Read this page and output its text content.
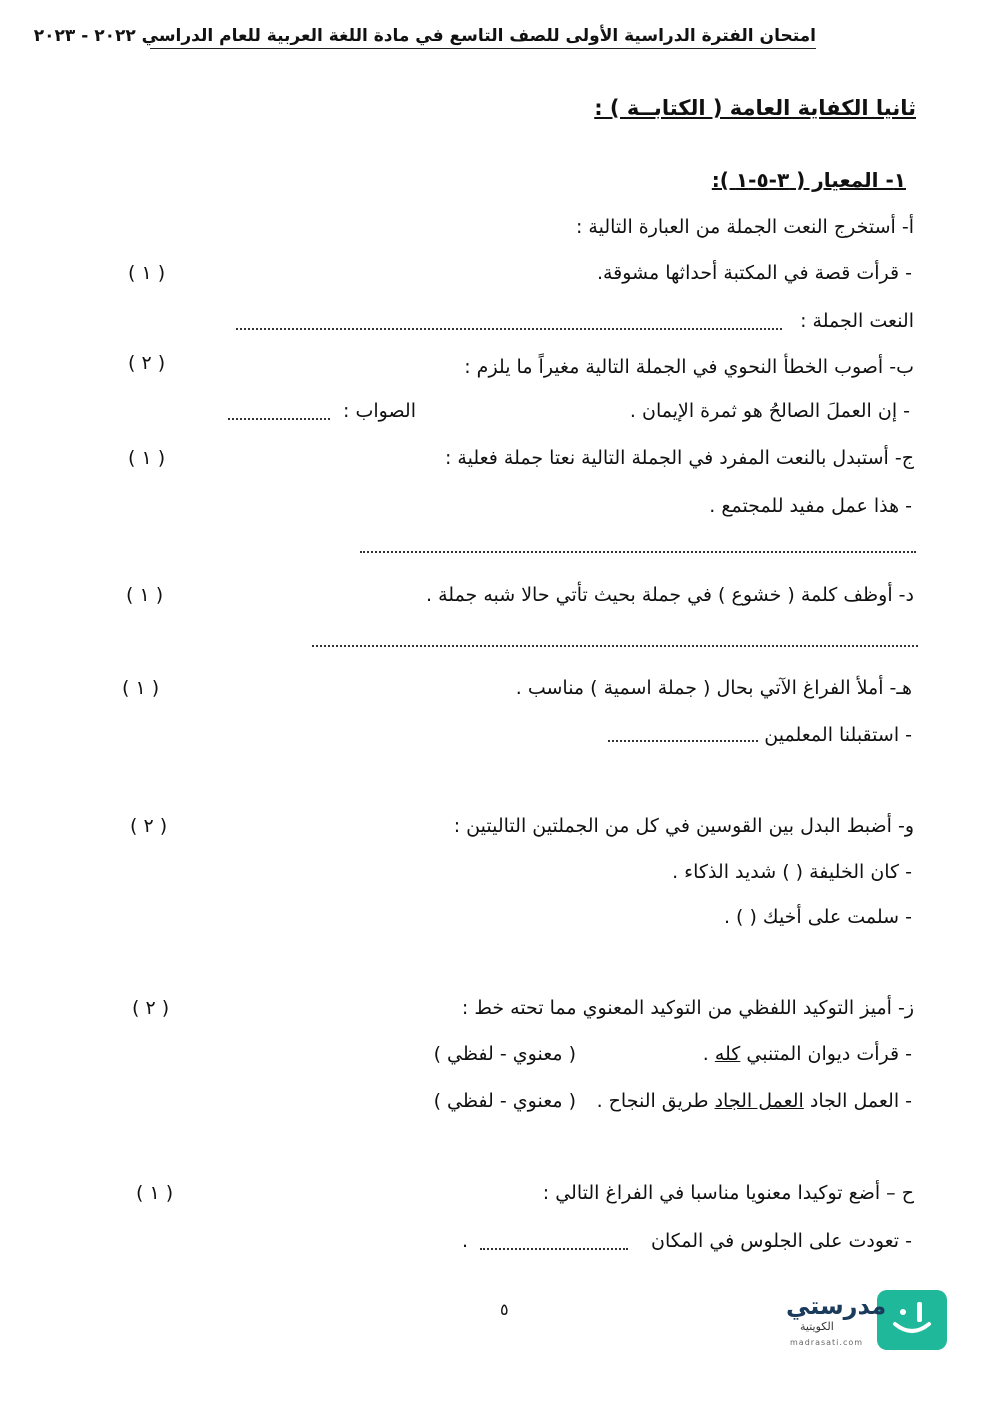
امتحان الفترة الدراسية الأولى للصف التاسع في مادة اللغة العربية للعام الدراسي ٢٠٢٢ - ٢٠٢٣
ثانيا الكفاية العامة ( الكتابــة ) :
١- المعيار ( ٣-٥-١ ):
أ- أستخرج النعت الجملة من العبارة التالية :
- قرأت قصة في المكتبة أحداثها مشوقة.
( ١ )
النعت الجملة :
ب- أصوب الخطأ النحوي في الجملة التالية مغيراً ما يلزم :
( ٢ )
- إن العملَ الصالحُ هو ثمرة الإيمان .
الصواب :
ج- أستبدل بالنعت المفرد في الجملة التالية نعتا جملة فعلية :
( ١ )
- هذا عمل مفيد للمجتمع .
د- أوظف كلمة ( خشوع ) في جملة بحيث تأتي حالا شبه جملة .
( ١ )
هـ- أملأ الفراغ الآتي بحال ( جملة اسمية ) مناسب .
( ١ )
- استقبلنا المعلمين
و- أضبط البدل بين القوسين في كل من الجملتين التاليتين :
( ٢ )
- كان الخليفة ( ) شديد الذكاء .
- سلمت على أخيك ( ) .
ز- أميز التوكيد اللفظي من التوكيد المعنوي مما تحته خط :
( ٢ )
- قرأت ديوان المتنبي كله .
( معنوي - لفظي )
- العمل الجاد العمل الجاد طريق النجاح .
( معنوي - لفظي )
ح – أضع توكيدا معنويا مناسبا في الفراغ التالي :
( ١ )
- تعودت على الجلوس في المكان
.
٥	مدرستي
الكويتية
madrasati.com
